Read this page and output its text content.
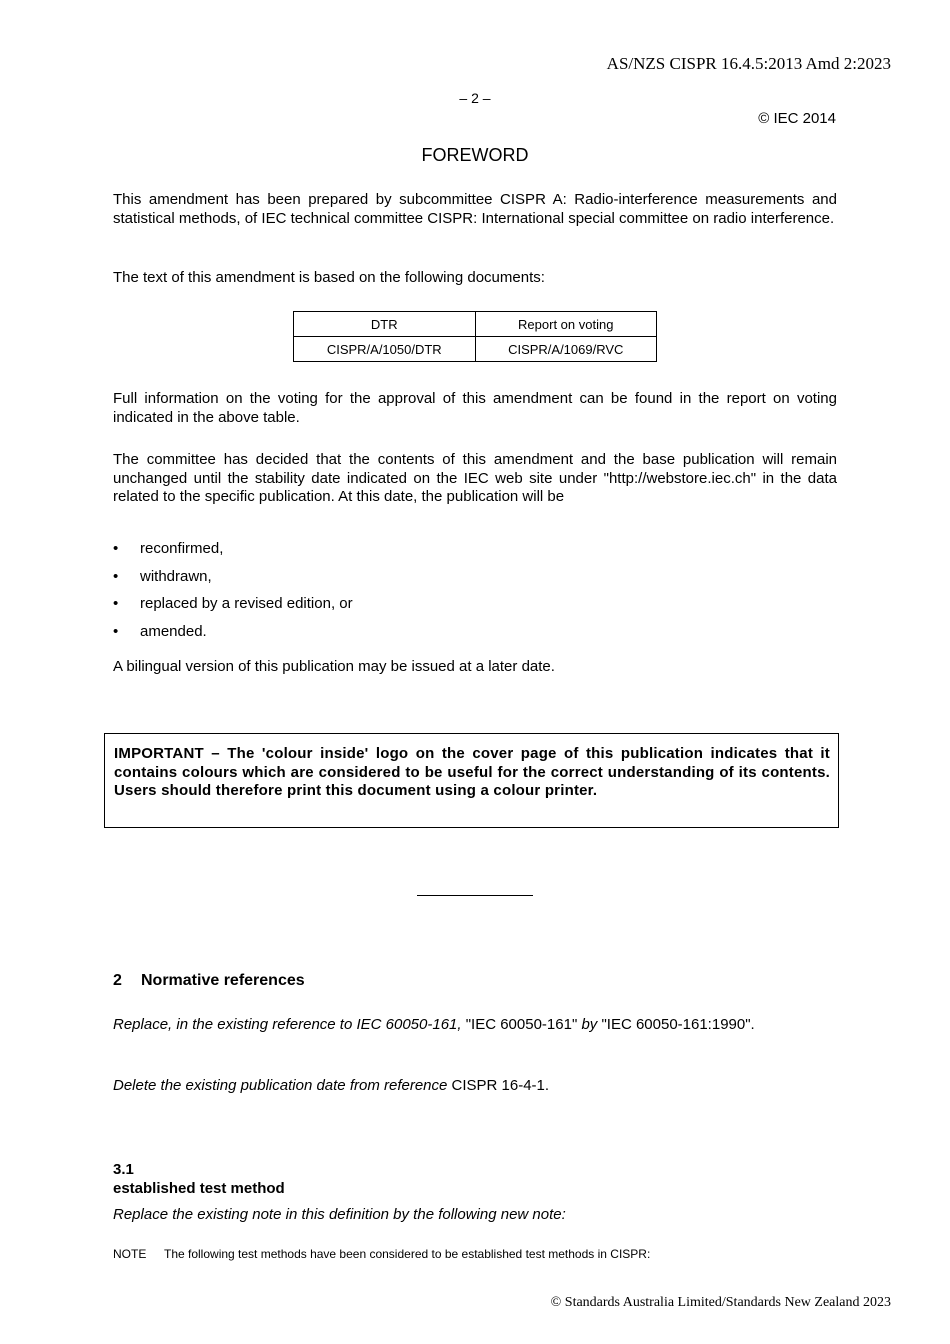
AS/NZS CISPR 16.4.5:2013 Amd 2:2023
– 2 –
© IEC 2014
FOREWORD

This amendment has been prepared by subcommittee CISPR A: Radio-interference measurements and statistical methods, of IEC technical committee CISPR: International special committee on radio interference.

The text of this amendment is based on the following documents:

DTR	Report on voting
CISPR/A/1050/DTR	CISPR/A/1069/RVC

Full information on the voting for the approval of this amendment can be found in the report on voting indicated in the above table.

The committee has decided that the contents of this amendment and the base publication will remain unchanged until the stability date indicated on the IEC web site under "http://webstore.iec.ch" in the data related to the specific publication. At this date, the publication will be

•	reconfirmed,
•	withdrawn,
•	replaced by a revised edition, or
•	amended.

A bilingual version of this publication may be issued at a later date.

IMPORTANT – The 'colour inside' logo on the cover page of this publication indicates that it contains colours which are considered to be useful for the correct understanding of its contents. Users should therefore print this document using a colour printer.

2 Normative references

Replace, in the existing reference to IEC 60050-161, "IEC 60050-161" by "IEC 60050-161:1990".

Delete the existing publication date from reference CISPR 16-4-1.

3.1
established test method

Replace the existing note in this definition by the following new note:

NOTE The following test methods have been considered to be established test methods in CISPR:
© Standards Australia Limited/Standards New Zealand 2023
